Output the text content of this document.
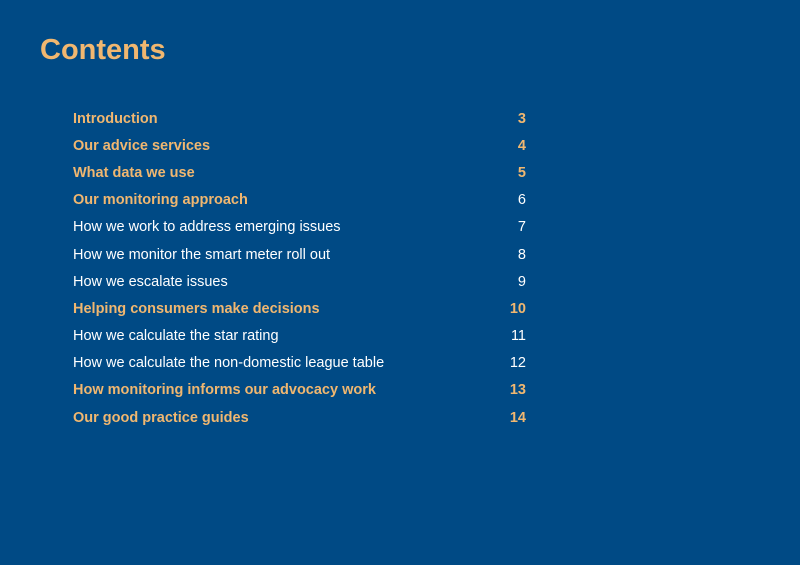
Contents
Introduction	3
Our advice services	4
What data we use	5
Our monitoring approach	6
How we work to address emerging issues	7
How we monitor the smart meter roll out	8
How we escalate issues	9
Helping consumers make decisions	10
How we calculate the star rating	11
How we calculate the non-domestic league table	12
How monitoring informs our advocacy work	13
Our good practice guides	14
